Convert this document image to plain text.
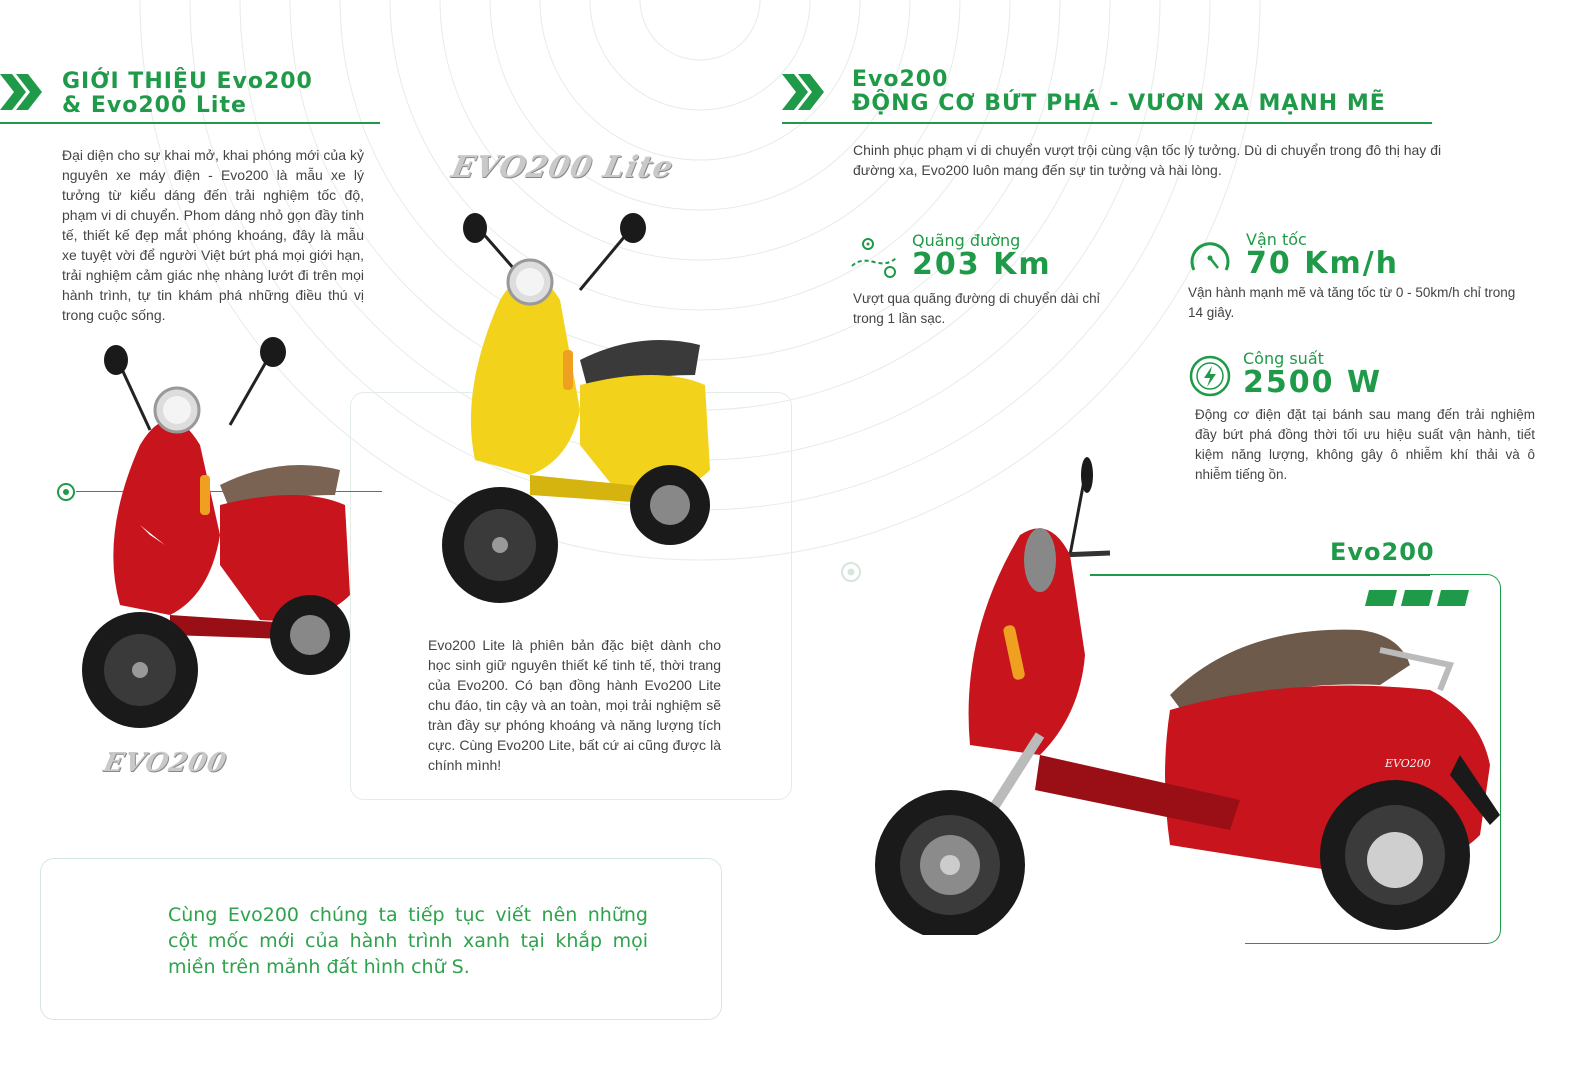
GIỚI THIỆU Evo200
& Evo200 Lite
Đại diện cho sự khai mở, khai phóng mới của kỷ nguyên xe máy điện - Evo200 là mẫu xe lý tưởng từ kiểu dáng đến trải nghiệm tốc độ, phạm vi di chuyển. Phom dáng nhỏ gọn đầy tinh tế, thiết kế đẹp mắt phóng khoáng, đây là mẫu xe tuyệt vời để người Việt bứt phá mọi giới hạn, trải nghiệm cảm giác nhẹ nhàng lướt đi trên mọi hành trình, tự tin khám phá những điều thú vị trong cuộc sống.
EVO200 Lite
EVO200
Evo200 Lite là phiên bản đặc biệt dành cho học sinh giữ nguyên thiết kế tinh tế, thời trang của Evo200. Có bạn đồng hành Evo200 Lite chu đáo, tin cậy và an toàn, mọi trải nghiệm sẽ tràn đầy sự phóng khoáng và năng lượng tích cực. Cùng Evo200 Lite, bất cứ ai cũng được là chính mình!
Cùng Evo200 chúng ta tiếp tục viết nên những cột mốc mới của hành trình xanh tại khắp mọi miền trên mảnh đất hình chữ S.
Evo200
ĐỘNG CƠ BỨT PHÁ - VƯƠN XA MẠNH MẼ
Chinh phục phạm vi di chuyển vượt trội cùng vận tốc lý tưởng. Dù di chuyển trong đô thị hay đi đường xa, Evo200 luôn mang đến sự tin tưởng và hài lòng.
Quãng đường
203 Km
Vượt qua quãng đường di chuyển dài chỉ trong 1 lần sạc.
Vận tốc
70 Km/h
Vận hành mạnh mẽ và tăng tốc từ 0 - 50km/h chỉ trong 14 giây.
Công suất
2500 W
Động cơ điện đặt tại bánh sau mang đến trải nghiệm đầy bứt phá đồng thời tối ưu hiệu suất vận hành, tiết kiệm năng lượng, không gây ô nhiễm khí thải và ô nhiễm tiếng ồn.
Evo200
EVO200
